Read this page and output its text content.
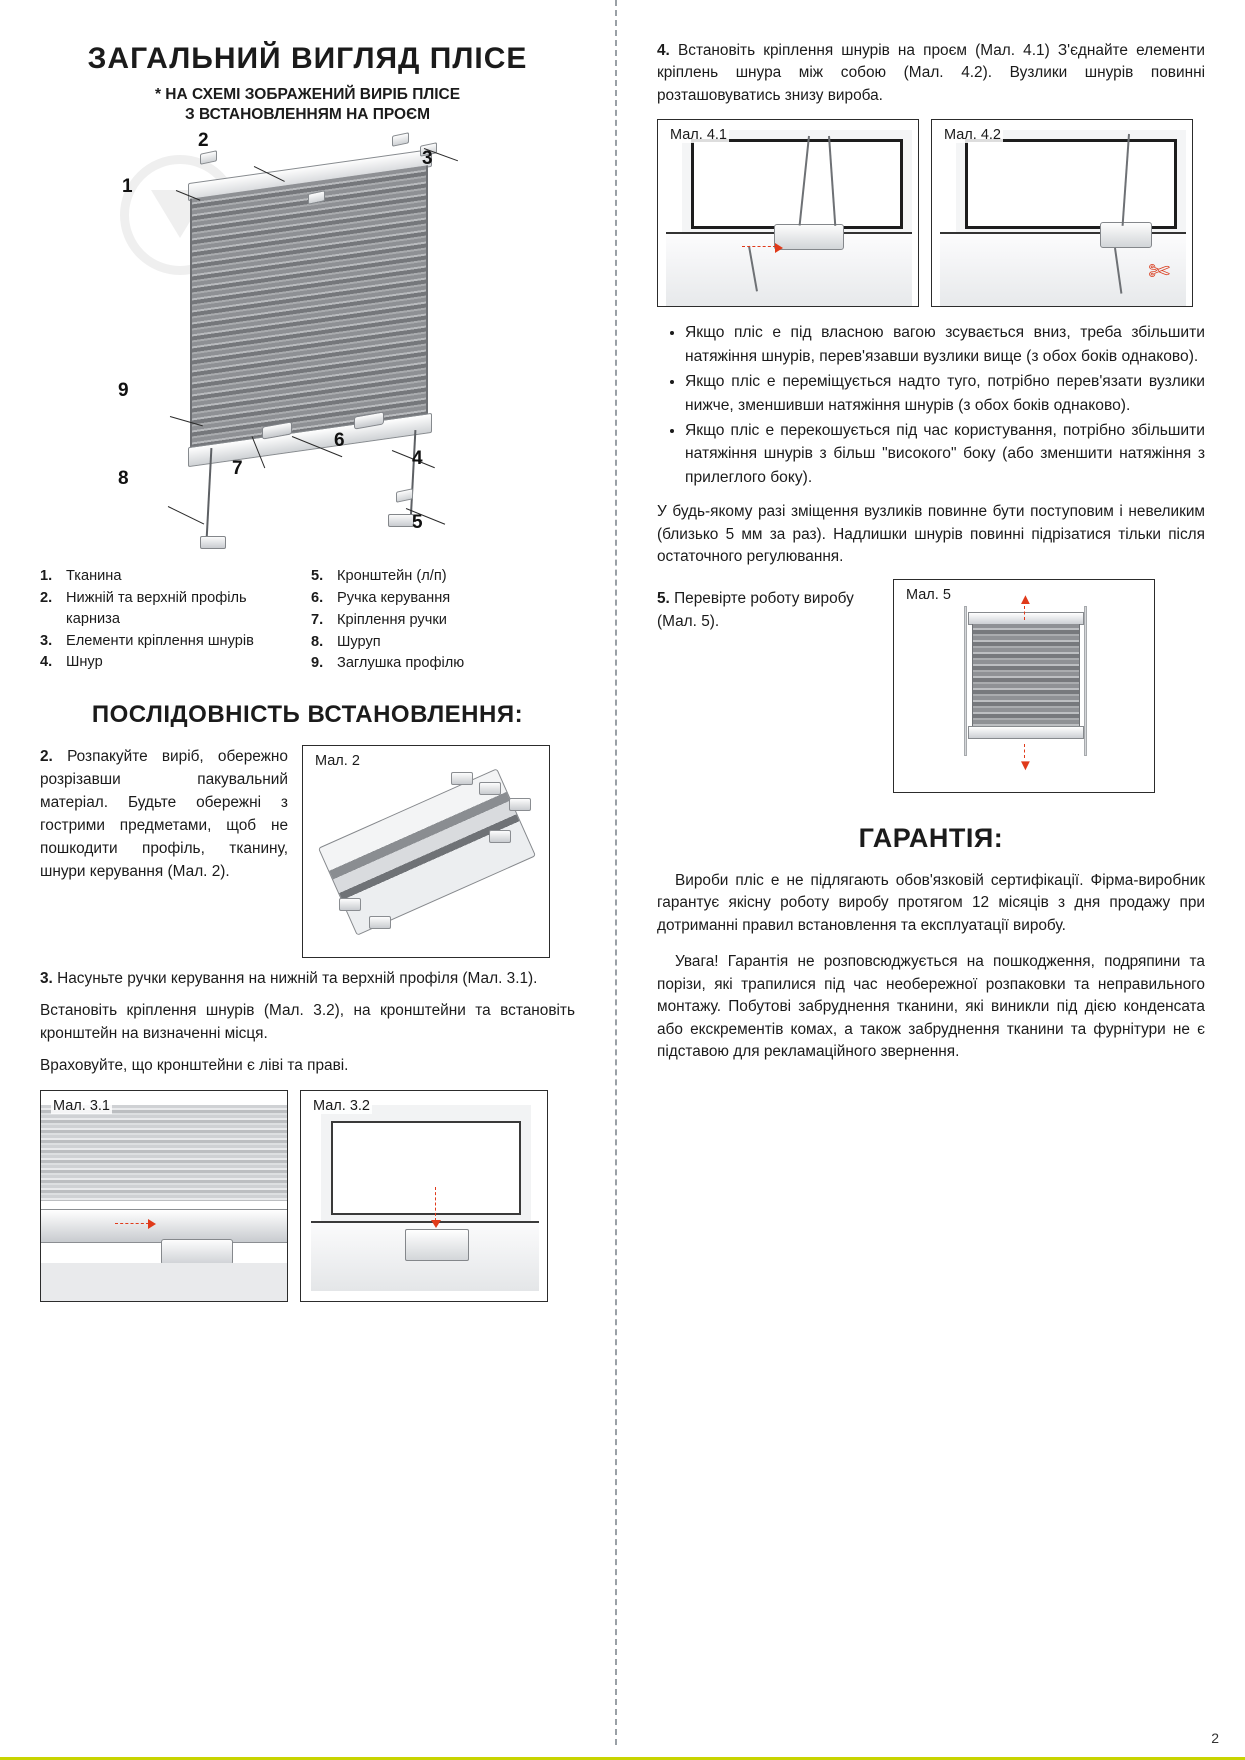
ЗАГАЛЬНИЙ ВИГЛЯД ПЛІСЕ
* НА СХЕМІ ЗОБРАЖЕНИЙ ВИРІБ ПЛІСЕ
З ВСТАНОВЛЕННЯМ НА ПРОЄМ
1
2
3
4
5
6
7
8
9
1. Тканина
2. Нижній та верхній профіль карниза
3. Елементи кріплення шнурів
4. Шнур
5. Кронштейн (л/п)
6. Ручка керування
7. Кріплення ручки
8. Шуруп
9. Заглушка профілю
ПОСЛІДОВНІСТЬ ВСТАНОВЛЕННЯ:
2. Розпакуйте виріб, обережно розрізавши пакувальний матеріал. Будьте обережні з гострими предметами, щоб не пошкодити профіль, тканину, шнури керування (Мал. 2).
Мал. 2

3. Насуньте ручки керування на нижній та верхній профіля (Мал. 3.1).

Встановіть кріплення шнурів (Мал. 3.2), на кронштейни та встановіть кронштейн на визначенні місця.

Враховуйте, що кронштейни є ліві та праві.

Мал. 3.1	Мал. 3.2

4. Встановіть кріплення шнурів на проєм (Мал. 4.1) З'єднайте елементи кріплень шнура між собою (Мал. 4.2). Вузлики шнурів повинні розташовуватись знизу вироба.

Мал. 4.1
✄
Мал. 4.2
• Якщо пліс е під власною вагою зсувається вниз, треба збільшити натяжіння шнурів, перев'язавши вузлики вище (з обох боків однаково).
• Якщо пліс е переміщується надто туго, потрібно перев'язати вузлики нижче, зменшивши натяжіння шнурів (з обох боків однаково).
• Якщо пліс е перекошується під час користування, потрібно збільшити натяжіння шнурів з більш "високого" боку (або зменшити натяжіння з прилеглого боку).

У будь-якому разі зміщення вузликів повинне бути поступовим і невеликим (близько 5 мм за раз). Надлишки шнурів повинні підрізатися тільки після остаточного регулювання.

5. Перевірте роботу виробу (Мал. 5).
Мал. 5	▲
▼
ГАРАНТІЯ:

Вироби пліс е не підлягають обов'язковій сертифікації. Фірма-виробник гарантує якісну роботу виробу протягом 12 місяців з дня продажу при дотриманні правил встановлення та експлуатації виробу.

Увага! Гарантія не розповсюджується на пошкодження, подряпини та порізи, які трапилися під час необережної розпаковки та неправильного монтажу. Побутові забруднення тканини, які виникли під дією конденсата або екскрементів комах, а також забруднення тканини та фурнітури не є підставою для рекламаційного звернення.

2
